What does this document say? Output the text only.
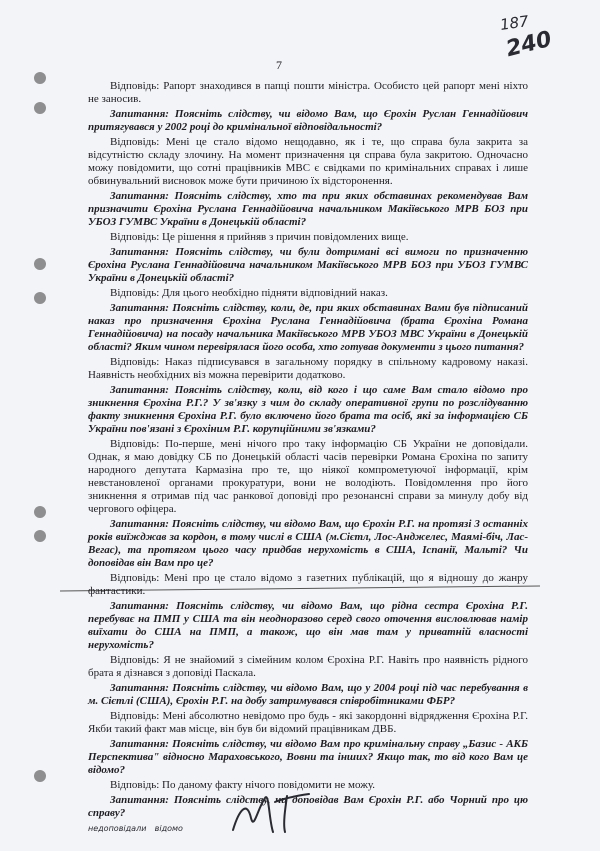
187
240
7

Відповідь: Рапорт знаходився в папці пошти міністра. Особисто цей рапорт мені ніхто не заносив.

Запитання: Поясніть слідству, чи відомо Вам, що Єрохін Руслан Геннадійович притягувався у 2002 році до кримінальної відповідальності?

Відповідь: Мені це стало відомо нещодавно, як і те, що справа була закрита за відсутністю складу злочину. На момент призначення ця справа була закритою. Одночасно можу повідомити, що сотні працівників МВС є свідками по кримінальних справах і лише обвинувальний висновок може бути причиною їх відсторонення.

Запитання: Поясніть слідству, хто та при яких обставинах рекомендував Вам призначити Єрохіна Руслана Геннадійовича начальником Макіївського МРВ БОЗ при УБОЗ ГУМВС України в Донецькій області?

Відповідь: Це рішення я прийняв з причин повідомлених вище.

Запитання: Поясніть слідству, чи були дотримані всі вимоги по призначенню Єрохіна Руслана Геннадійовича начальником Макіївського МРВ БОЗ при УБОЗ ГУМВС України в Донецькій області?

Відповідь: Для цього необхідно підняти відповідний наказ.

Запитання: Поясніть слідству, коли, де, при яких обставинах Вами був підписаний наказ про призначення Єрохіна Руслана Геннадійовича (брата Єрохіна Романа Геннадійовича) на посаду начальника Макіївського МРВ УБОЗ МВС України в Донецькій області? Яким чином перевірялася його особа, хто готував документи з цього питання?

Відповідь: Наказ підписувався в загальному порядку в спільному кадровому наказі. Наявність необхідних віз можна перевірити додатково.

Запитання: Поясніть слідству, коли, від кого і що саме Вам стало відомо про зникнення Єрохіна Р.Г.? У зв'язку з чим до складу оперативної групи по розслідуванню факту зникнення Єрохіна Р.Г. було включено його брата та осіб, які за інформацією СБ України пов'язані з Єрохіним Р.Г. корупційними зв'язками?

Відповідь: По-перше, мені нічого про таку інформацію СБ України не доповідали. Однак, я маю довідку СБ по Донецькій області часів перевірки Романа Єрохіна по запиту народного депутата Кармазіна про те, що ніякої компрометуючої інформації, крім невстановленої органами прокуратури, вони не володіють. Повідомлення про його зникнення я отримав під час ранкової доповіді про резонансні справи за минулу добу від чергового офіцера.

Запитання: Поясніть слідству, чи відомо Вам, що Єрохін Р.Г. на протязі 3 останніх років виїжджав за кордон, в тому числі в США (м.Сієтл, Лос-Анджелес, Маямі-біч, Лас-Вегас), та протягом цього часу придбав нерухомість в США, Іспанії, Мальті? Чи доповідав він Вам про це?

Відповідь: Мені про це стало відомо з газетних публікацій, що я відношу до жанру фантастики.

Запитання: Поясніть слідству, чи відомо Вам, що рідна сестра Єрохіна Р.Г. перебуває на ПМП у США та він неодноразово серед свого оточення висловлював намір виїхати до США на ПМП, а також, що він мав там у приватній власності нерухомість?

Відповідь: Я не знайомий з сімейним колом Єрохіна Р.Г. Навіть про наявність рідного брата я дізнався з доповіді Паскала.

Запитання: Поясніть слідству, чи відомо Вам, що у 2004 році під час перебування в м. Сієтлі (США), Єрохін Р.Г. на добу затримувався співробітниками ФБР?

Відповідь: Мені абсолютно невідомо про будь - які закордонні відрядження Єрохіна Р.Г. Якби такий факт мав місце, він був би відомий працівникам ДВБ.

Запитання: Поясніть слідству, чи відомо Вам про кримінальну справу „Базис - АКБ Перспектива" відносно Мараховського, Вовни та інших? Якщо так, то від кого Вам це відомо?

Відповідь: По даному факту нічого повідомити не можу.

Запитання: Поясніть слідству, чи доповідав Вам Єрохін Р.Г. або Чорний про цю справу?

недоповідали відомо
